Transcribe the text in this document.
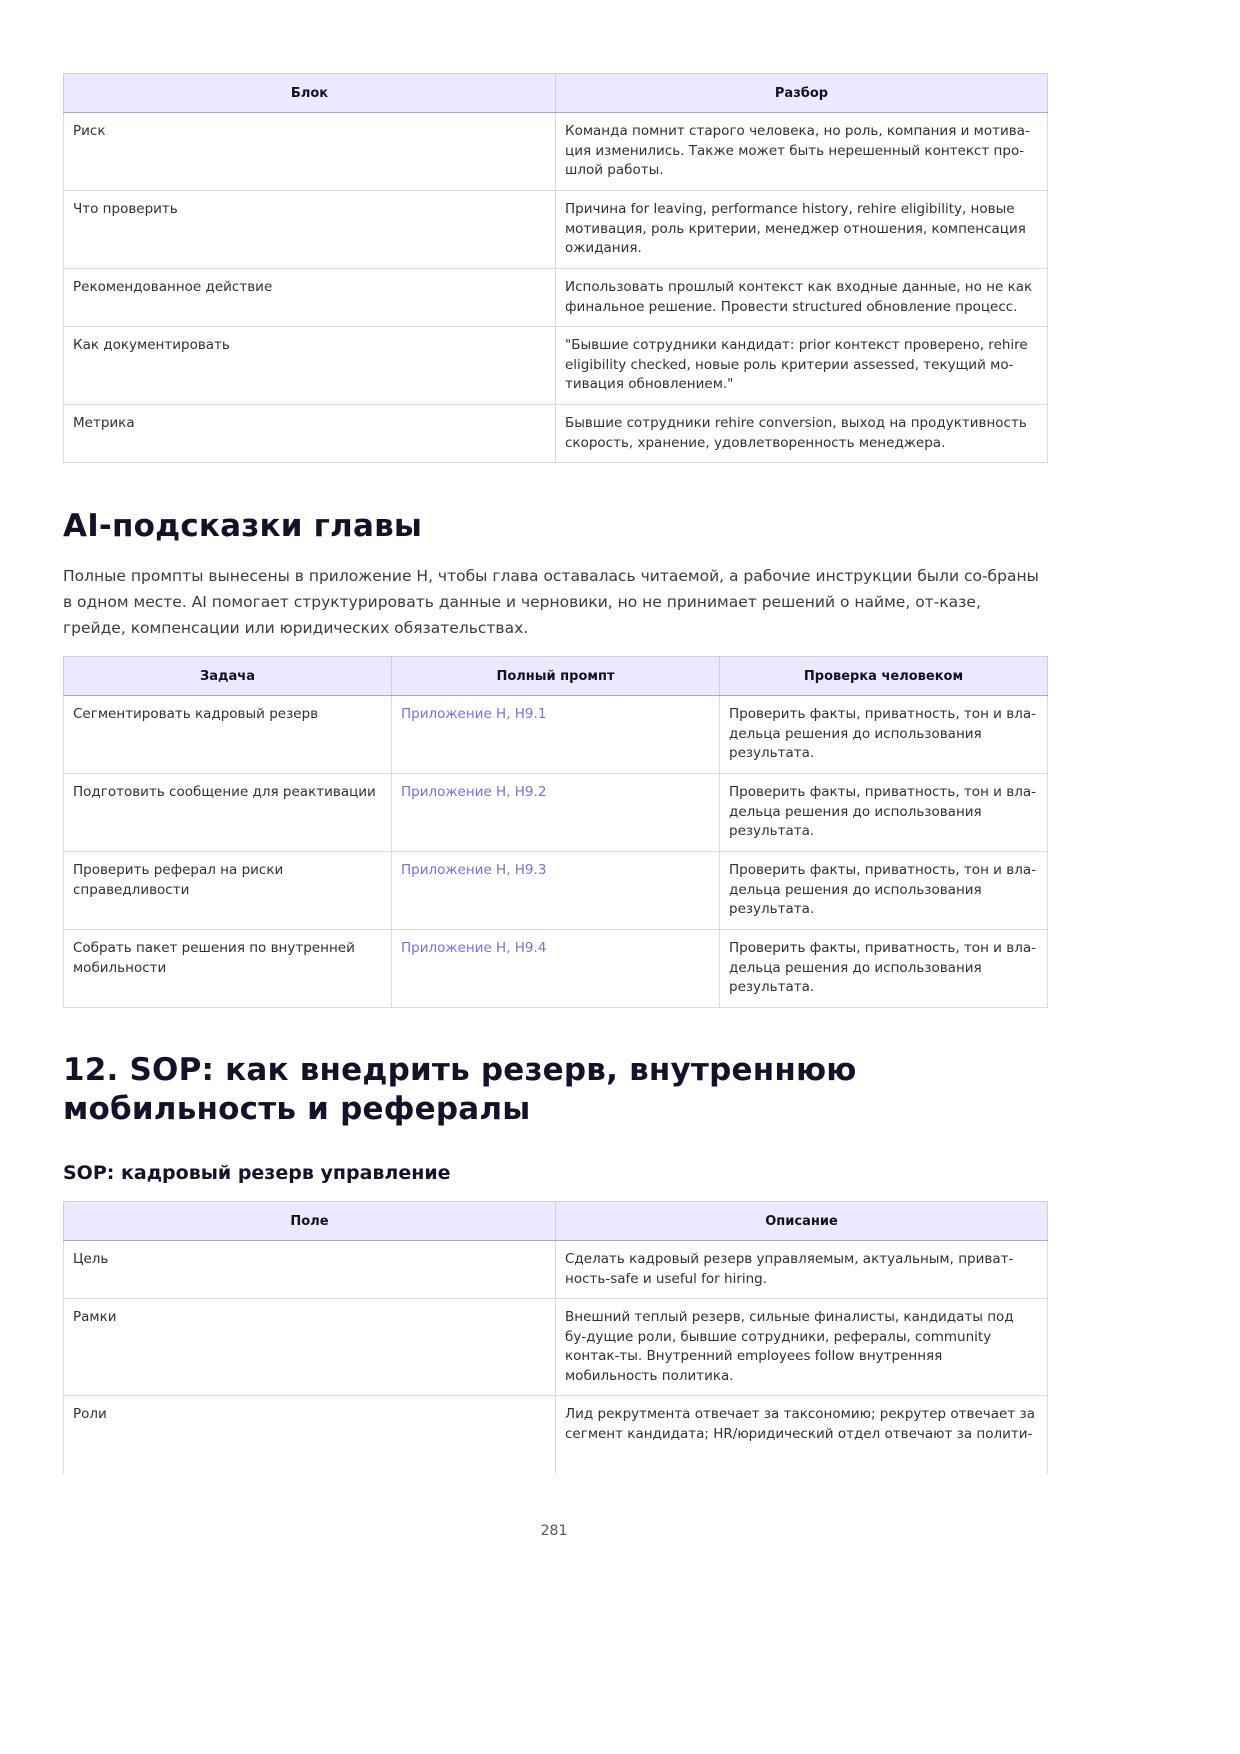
Блок	Разбор
Риск	Команда помнит старого человека, но роль, компания и мотива-ция изменились. Также может быть нерешенный контекст про-шлой работы.
Что проверить	Причина for leaving, performance history, rehire eligibility, новые мотивация, роль критерии, менеджер отношения, компенсация ожидания.
Рекомендованное действие	Использовать прошлый контекст как входные данные, но не как финальное решение. Провести structured обновление процесс.
Как документировать	"Бывшие сотрудники кандидат: prior контекст проверено, rehire eligibility checked, новые роль критерии assessed, текущий мо-тивация обновлением."
Метрика	Бывшие сотрудники rehire conversion, выход на продуктивность скорость, хранение, удовлетворенность менеджера.
AI-подсказки главы

Полные промпты вынесены в приложение H, чтобы глава оставалась читаемой, а рабочие инструкции были со-браны в одном месте. AI помогает структурировать данные и черновики, но не принимает решений о найме, от-казе, грейде, компенсации или юридических обязательствах.

Задача	Полный промпт	Проверка человеком
Сегментировать кадровый резерв	Приложение H, H9.1	Проверить факты, приватность, тон и вла-дельца решения до использования результата.
Подготовить сообщение для реактивации	Приложение H, H9.2	Проверить факты, приватность, тон и вла-дельца решения до использования результата.
Проверить реферал на риски справедливости	Приложение H, H9.3	Проверить факты, приватность, тон и вла-дельца решения до использования результата.
Собрать пакет решения по внутренней мобильности	Приложение H, H9.4	Проверить факты, приватность, тон и вла-дельца решения до использования результата.
12. SOP: как внедрить резерв, внутреннюю мобильность и рефералы
SOP: кадровый резерв управление
Поле	Описание
Цель	Сделать кадровый резерв управляемым, актуальным, приват-ность-safe и useful for hiring.
Рамки	Внешний теплый резерв, сильные финалисты, кандидаты под бу-дущие роли, бывшие сотрудники, рефералы, community контак-ты. Внутренний employees follow внутренняя мобильность политика.
Роли	Лид рекрутмента отвечает за таксономию; рекрутер отвечает за сегмент кандидата; HR/юридический отдел отвечают за полити-
281
